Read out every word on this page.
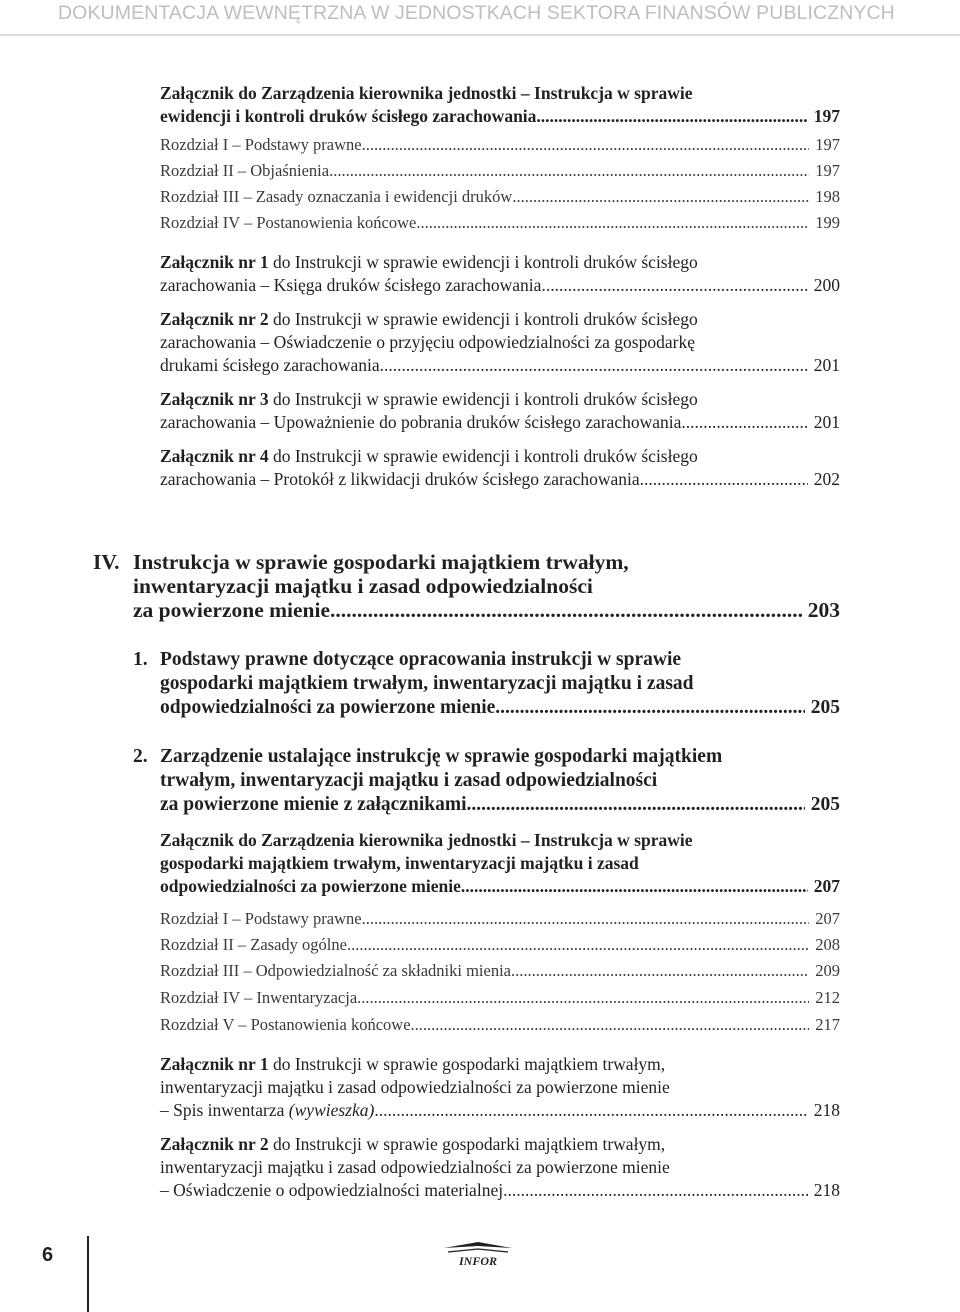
DOKUMENTACJA WEWNĘTRZNA W JEDNOSTKACH SEKTORA FINANSÓW PUBLICZNYCH
Załącznik do Zarządzenia kierownika jednostki – Instrukcja w sprawie
ewidencji i kontroli druków ścisłego zarachowania .....	197
Rozdział I – Podstawy prawne .....	197
Rozdział II – Objaśnienia .....	197
Rozdział III – Zasady oznaczania i ewidencji druków .....	198
Rozdział IV – Postanowienia końcowe .....	199
Załącznik nr 1 do Instrukcji w sprawie ewidencji i kontroli druków ścisłego
zarachowania – Księga druków ścisłego zarachowania .....	200
Załącznik nr 2 do Instrukcji w sprawie ewidencji i kontroli druków ścisłego
zarachowania – Oświadczenie o przyjęciu odpowiedzialności za gospodarkę
drukami ścisłego zarachowania .....	201
Załącznik nr 3 do Instrukcji w sprawie ewidencji i kontroli druków ścisłego
zarachowania – Upoważnienie do pobrania druków ścisłego zarachowania .....	201
Załącznik nr 4 do Instrukcji w sprawie ewidencji i kontroli druków ścisłego
zarachowania – Protokół z likwidacji druków ścisłego zarachowania .....	202
IV. Instrukcja w sprawie gospodarki majątkiem trwałym,
inwentaryzacji majątku i zasad odpowiedzialności
za powierzone mienie .....	203
1. Podstawy prawne dotyczące opracowania instrukcji w sprawie
gospodarki majątkiem trwałym, inwentaryzacji majątku i zasad
odpowiedzialności za powierzone mienie .....	205
2. Zarządzenie ustalające instrukcję w sprawie gospodarki majątkiem
trwałym, inwentaryzacji majątku i zasad odpowiedzialności
za powierzone mienie z załącznikami .....	205
Załącznik do Zarządzenia kierownika jednostki – Instrukcja w sprawie
gospodarki majątkiem trwałym, inwentaryzacji majątku i zasad
odpowiedzialności za powierzone mienie .....	207
Rozdział I – Podstawy prawne .....	207
Rozdział II – Zasady ogólne .....	208
Rozdział III – Odpowiedzialność za składniki mienia .....	209
Rozdział IV – Inwentaryzacja .....	212
Rozdział V – Postanowienia końcowe .....	217
Załącznik nr 1 do Instrukcji w sprawie gospodarki majątkiem trwałym,
inwentaryzacji majątku i zasad odpowiedzialności za powierzone mienie
– Spis inwentarza (wywieszka) .....	218
Załącznik nr 2 do Instrukcji w sprawie gospodarki majątkiem trwałym,
inwentaryzacji majątku i zasad odpowiedzialności za powierzone mienie
– Oświadczenie o odpowiedzialności materialnej .....	218
6	INFOR
